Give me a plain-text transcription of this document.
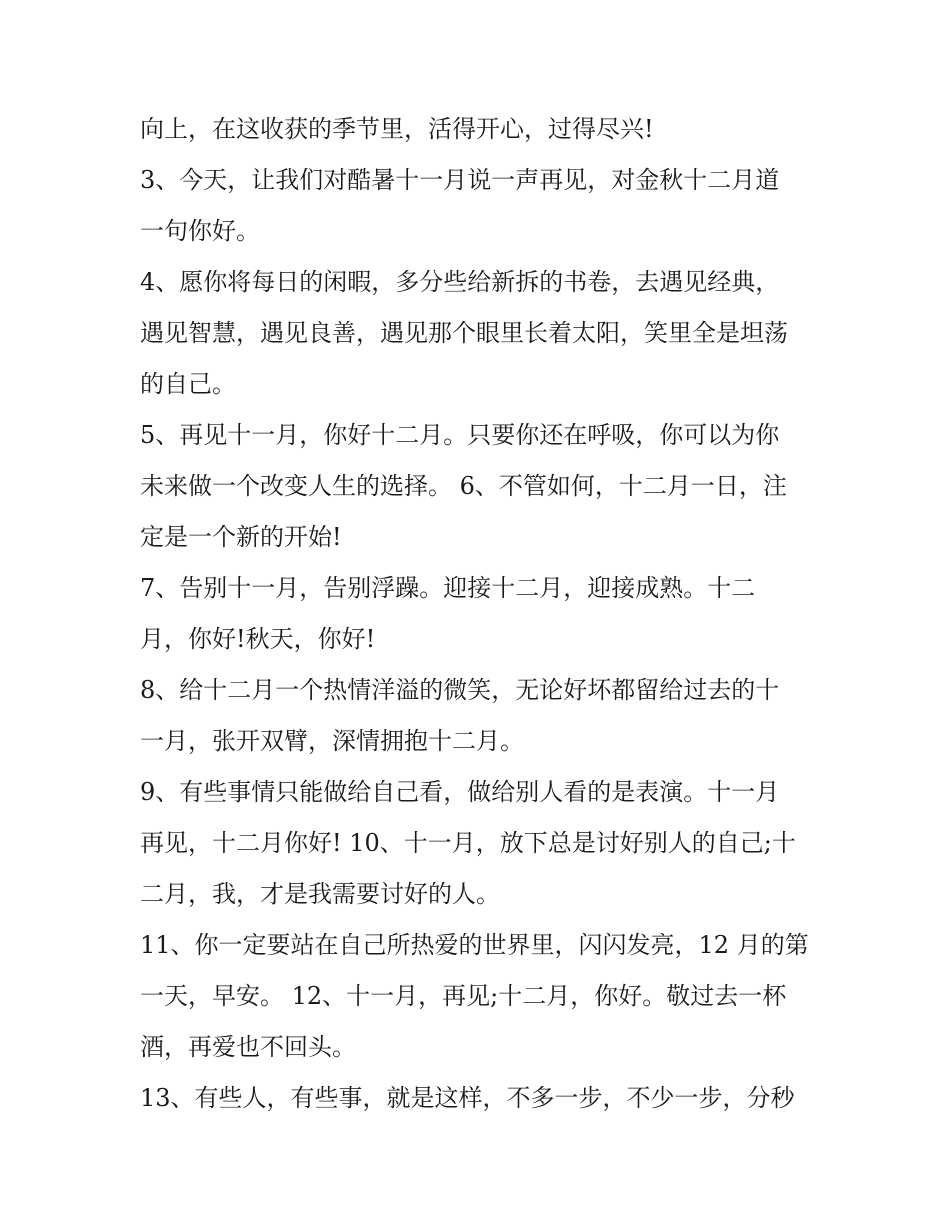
向上，在这收获的季节里，活得开心，过得尽兴!
3、今天，让我们对酷暑十一月说一声再见，对金秋十二月道
一句你好。
4、愿你将每日的闲暇，多分些给新拆的书卷，去遇见经典，
遇见智慧，遇见良善，遇见那个眼里长着太阳，笑里全是坦荡
的自己。
5、再见十一月，你好十二月。只要你还在呼吸，你可以为你
未来做一个改变人生的选择。 6、不管如何，十二月一日，注
定是一个新的开始!
7、告别十一月，告别浮躁。迎接十二月，迎接成熟。十二
月，你好!秋天，你好!
8、给十二月一个热情洋溢的微笑，无论好坏都留给过去的十
一月，张开双臂，深情拥抱十二月。
9、有些事情只能做给自己看，做给别人看的是表演。十一月
再见，十二月你好! 10、十一月，放下总是讨好别人的自己;十
二月，我，才是我需要讨好的人。
11、你一定要站在自己所热爱的世界里，闪闪发亮，12 月的第
一天，早安。 12、十一月，再见;十二月，你好。敬过去一杯
酒，再爱也不回头。
13、有些人，有些事，就是这样，不多一步，不少一步，分秒
